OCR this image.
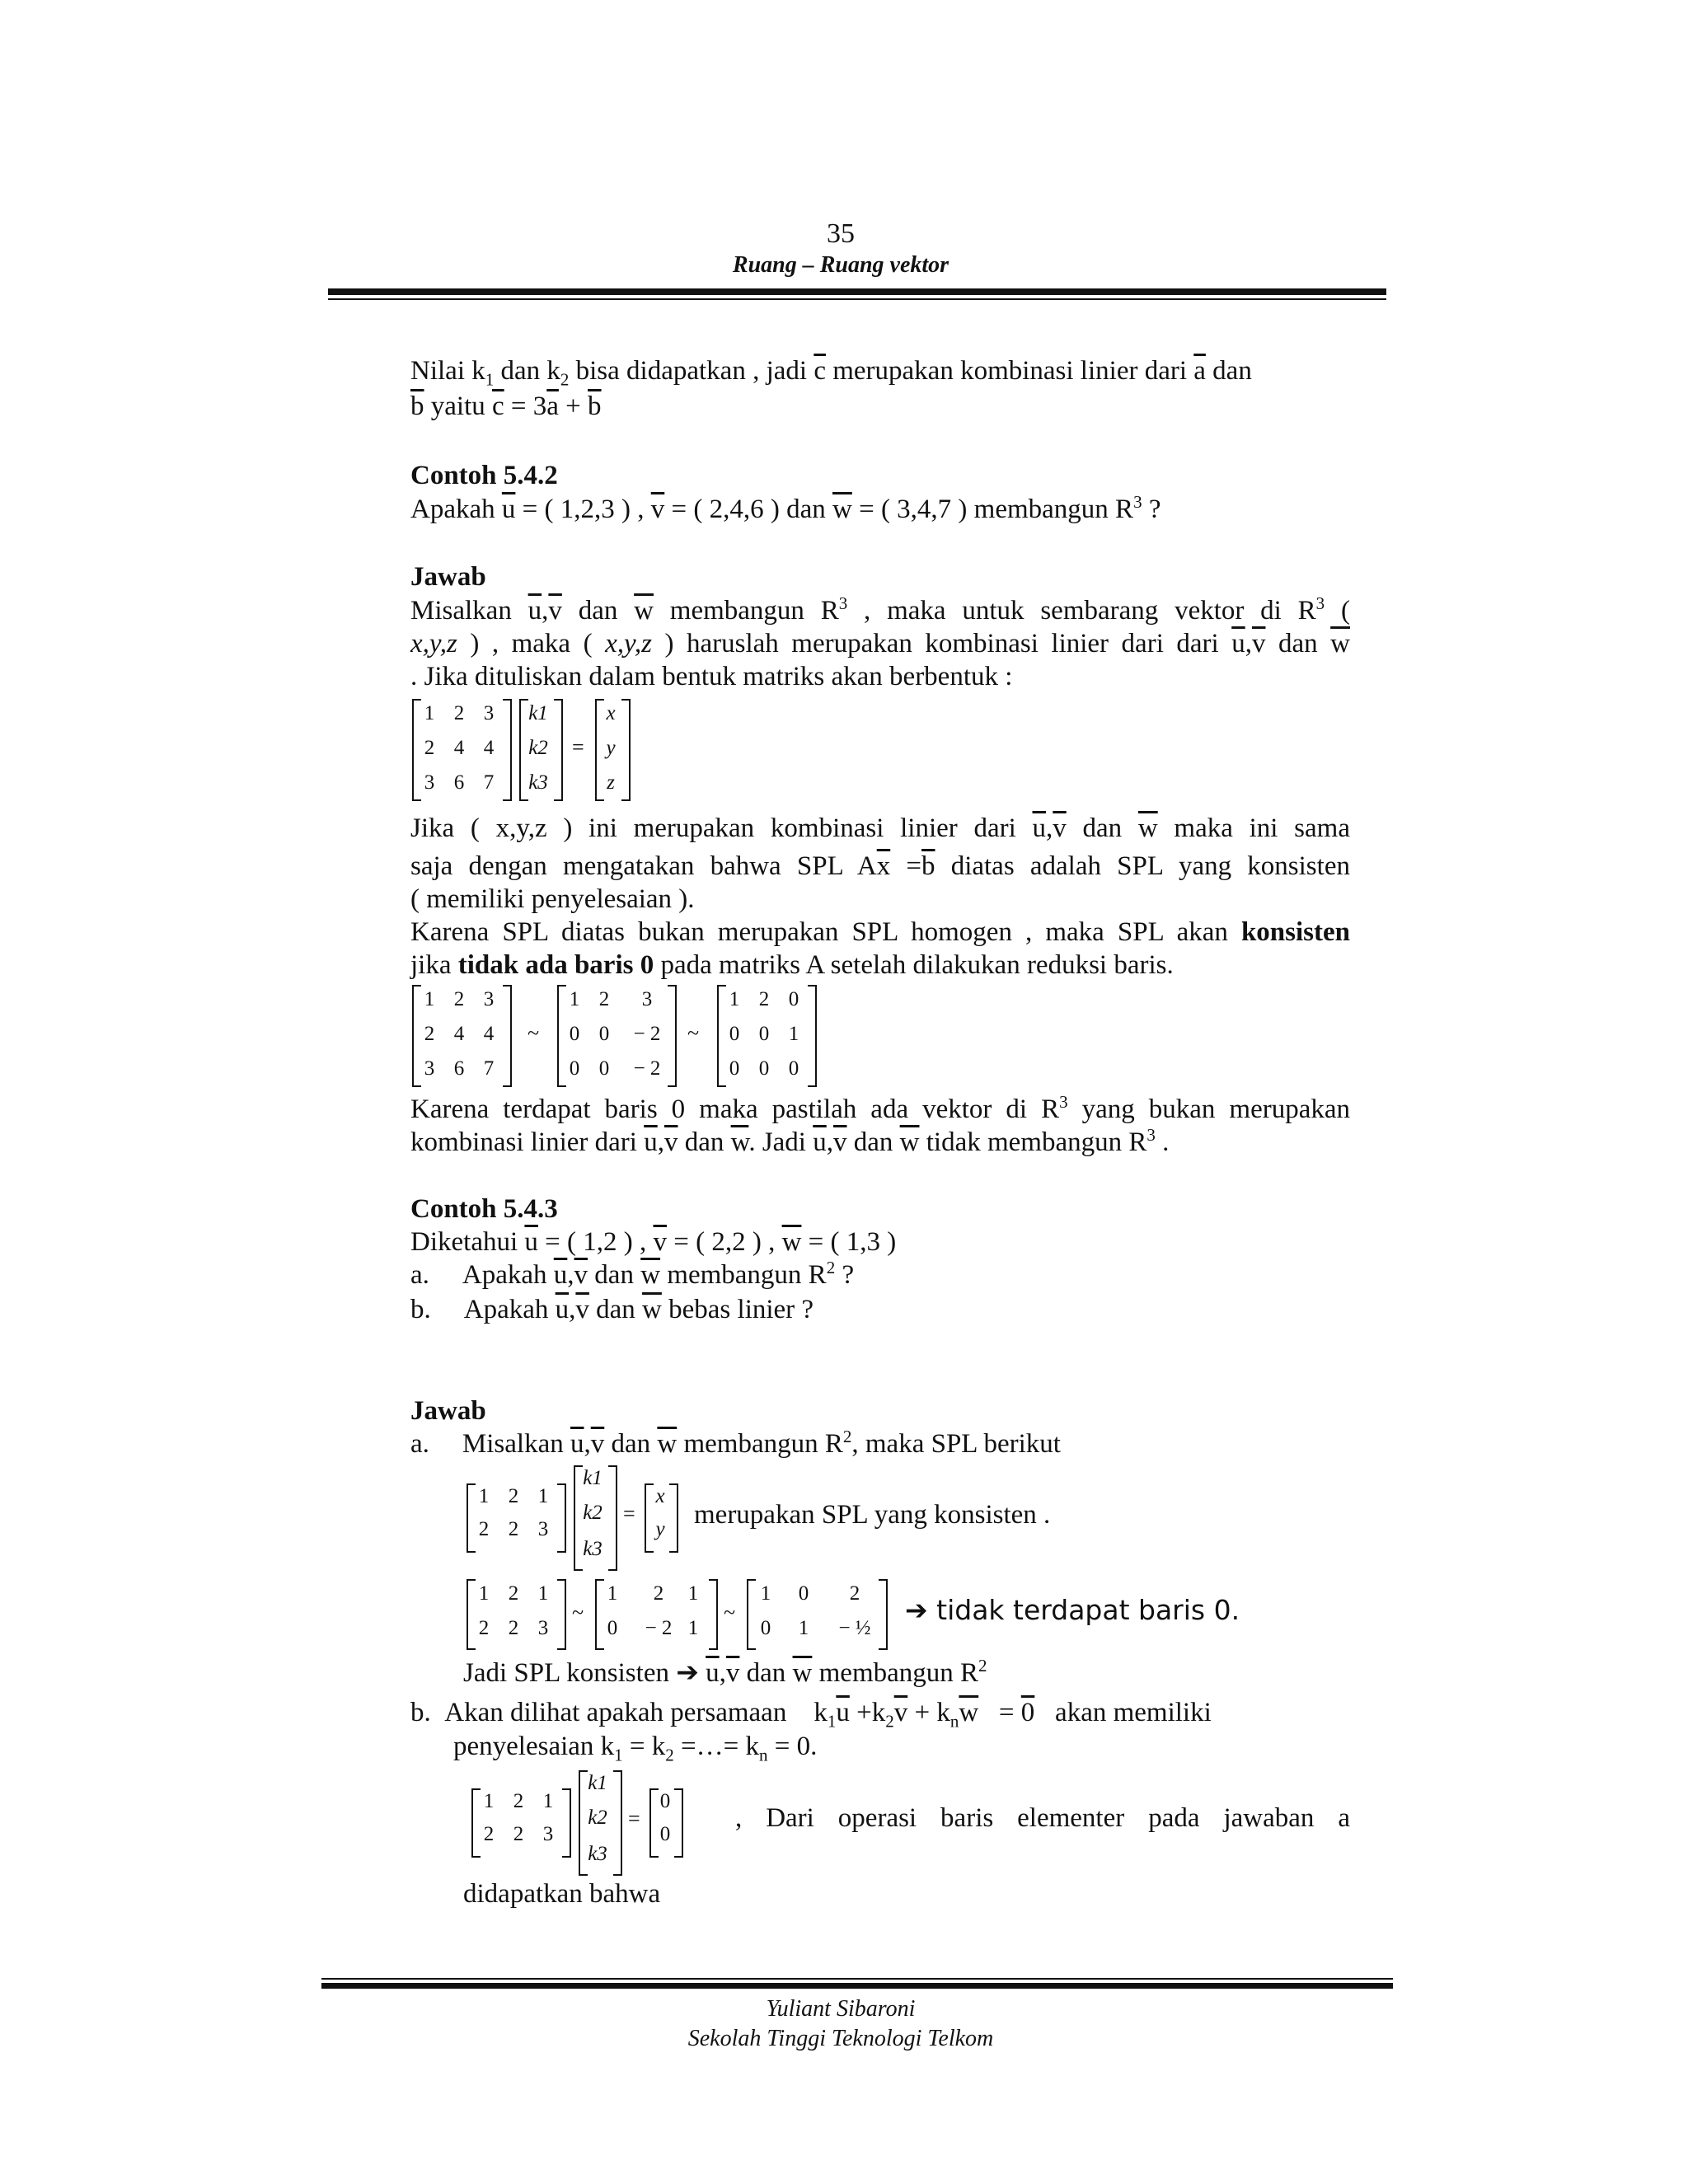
35
Ruang – Ruang vektor
Nilai $k_1$ dan $k_2$ bisa didapatkan , jadi $\overline{c}$ merupakan kombinasi linier dari $\overline{a}$ dan
$\overline{b}$ yaitu $\overline{c} = 3\overline{a} + \overline{b}$
Contoh 5.4.2
Apakah $\overline{u}$ = ( 1,2,3 ) , $\overline{v}$ = ( 2,4,6 ) dan $\overline{w}$ = ( 3,4,7 ) membangun $R^3$ ?
Jawab
Misalkan $\overline{u},\overline{v}$ dan $\overline{w}$ membangun $R^3$ , maka untuk sembarang vektor di $R^3$ (
x,y,z ) , maka ( x,y,z ) haruslah merupakan kombinasi linier dari dari $\overline{u},\overline{v}$ dan $\overline{w}$
. Jika dituliskan dalam bentuk matriks akan berbentuk :
1 2 3
2 4 4
3 6 7
k1
k2
k3
=
x
y
z
Jika ( x,y,z ) ini merupakan kombinasi linier dari $\overline{u},\overline{v}$ dan $\overline{w}$ maka ini sama
saja dengan mengatakan bahwa SPL $A\overline{x} =\overline{b}$ diatas adalah SPL yang konsisten
( memiliki penyelesaian ).
Karena SPL diatas bukan merupakan SPL homogen , maka SPL akan konsisten
jika tidak ada baris 0 pada matriks A setelah dilakukan reduksi baris.
1 2 3
2 4 4
3 6 7
~
1 2	3
0 0	− 2
0 0	− 2
~
1 2 0
0 0 1
0 0 0
Karena terdapat baris 0 maka pastilah ada vektor di $R^3$ yang bukan merupakan
kombinasi linier dari $\overline{u},\overline{v}$ dan $\overline{w}$. Jadi $\overline{u},\overline{v}$ dan $\overline{w}$ tidak membangun $R^3$ .
Contoh 5.4.3
Diketahui $\overline{u}$ = ( 1,2 ) , $\overline{v}$ = ( 2,2 ) , $\overline{w}$ = ( 1,3 )
a. Apakah $\overline{u},\overline{v}$ dan $\overline{w}$ membangun $R^2$ ?
b. Apakah $\overline{u},\overline{v}$ dan $\overline{w}$ bebas linier ?
Jawab
a. Misalkan $\overline{u},\overline{v}$ dan $\overline{w}$ membangun $R^2$, maka SPL berikut
1 2 1
2 2 3
k1
k2
k3
=
x
y	merupakan SPL yang konsisten .
1 2 1
2 2 3
~
1	2	1
0	− 2 1
~
1	0	2
0	1	− ½
➔ tidak terdapat baris 0.
Jadi SPL konsisten ➔ $\overline{u},\overline{v}$ dan $\overline{w}$ membangun $R^2$
b. Akan dilihat apakah persamaan $k_1\overline{u} +k_2\overline{v} + k_n\overline{w} = 0$   akan memiliki
penyelesaian $k_1 = k_2$ =…= $k_n = 0$.
1 2 1
2 2 3
k1
k2
k3
=
0
0
, Dari operasi baris elementer pada jawaban a
didapatkan bahwa
Yuliant Sibaroni
Sekolah Tinggi Teknologi Telkom
